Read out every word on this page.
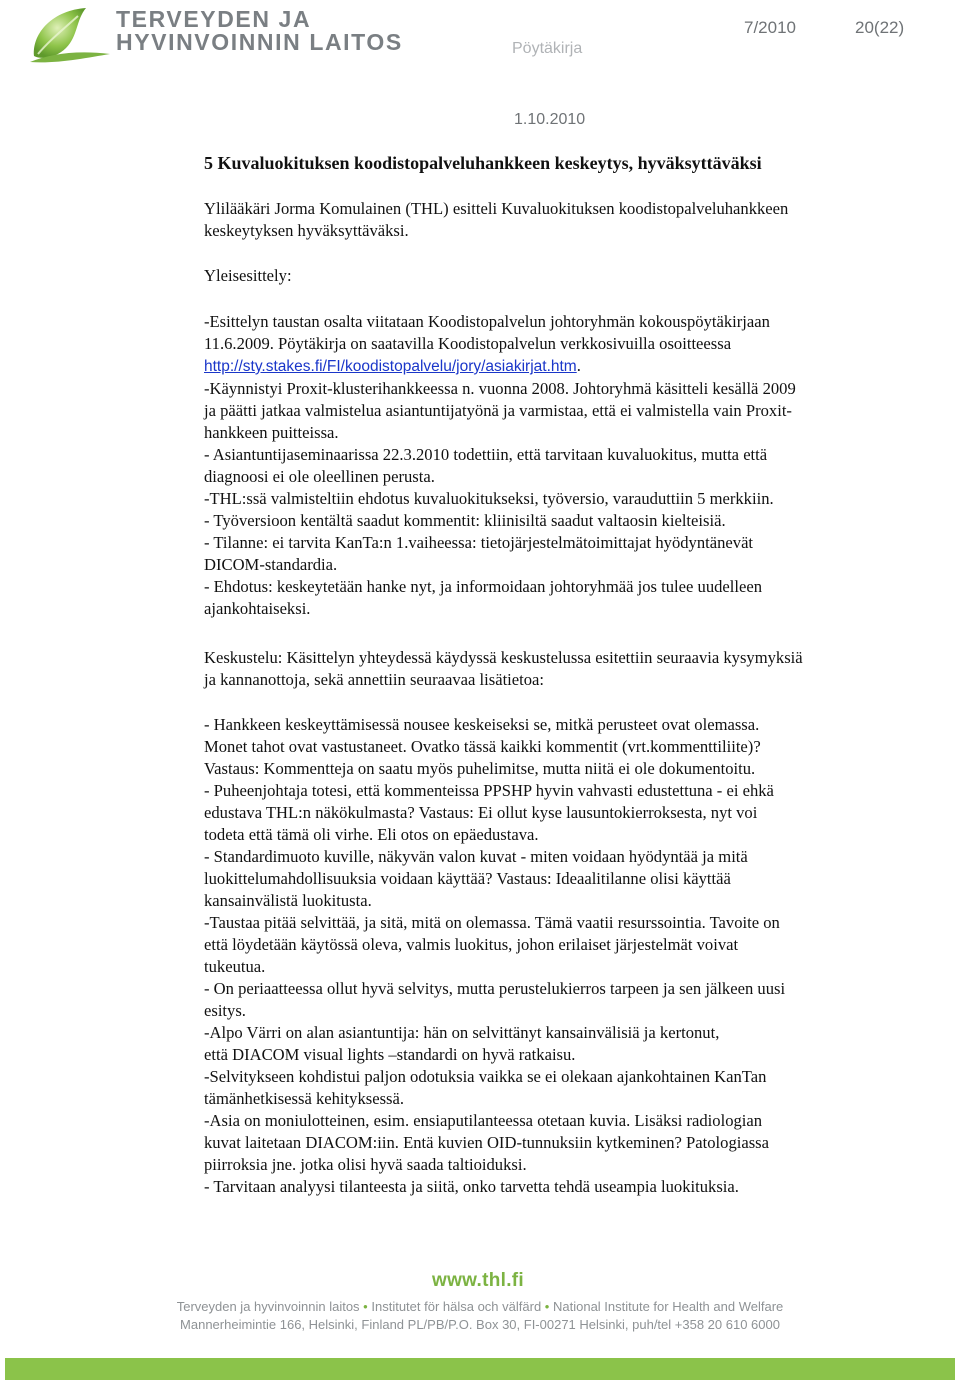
TERVEYDEN JA
HYVINVOINNIN LAITOS	Pöytäkirja
7/2010	20(22)
1.10.2010
5 Kuvaluokituksen koodistopalveluhankkeen keskeytys, hyväksyttäväksi
Ylilääkäri Jorma Komulainen (THL) esitteli Kuvaluokituksen koodistopalveluhankkeen
keskeytyksen hyväksyttäväksi.
Yleisesittely:
-Esittelyn taustan osalta viitataan Koodistopalvelun johtoryhmän kokouspöytäkirjaan
11.6.2009. Pöytäkirja on saatavilla Koodistopalvelun verkkosivuilla osoitteessa
http://sty.stakes.fi/FI/koodistopalvelu/jory/asiakirjat.htm.
-Käynnistyi Proxit-klusterihankkeessa n. vuonna 2008. Johtoryhmä käsitteli kesällä 2009
ja päätti jatkaa valmistelua asiantuntijatyönä ja varmistaa, että ei valmistella vain Proxit-
hankkeen puitteissa.
- Asiantuntijaseminaarissa 22.3.2010 todettiin, että tarvitaan kuvaluokitus, mutta että
diagnoosi ei ole oleellinen perusta.
-THL:ssä valmisteltiin ehdotus kuvaluokitukseksi, työversio, varauduttiin 5 merkkiin.
- Työversioon kentältä saadut kommentit: kliinisiltä saadut valtaosin kielteisiä.
- Tilanne: ei tarvita KanTa:n 1.vaiheessa: tietojärjestelmätoimittajat hyödyntänevät
DICOM-standardia.
- Ehdotus: keskeytetään hanke nyt, ja informoidaan johtoryhmää jos tulee uudelleen
ajankohtaiseksi.
Keskustelu: Käsittelyn yhteydessä käydyssä keskustelussa esitettiin seuraavia kysymyksiä
ja kannanottoja, sekä annettiin seuraavaa lisätietoa:
- Hankkeen keskeyttämisessä nousee keskeiseksi se, mitkä perusteet ovat olemassa.
Monet tahot ovat vastustaneet. Ovatko tässä kaikki kommentit (vrt.kommenttiliite)?
Vastaus: Kommentteja on saatu myös puhelimitse, mutta niitä ei ole dokumentoitu.
- Puheenjohtaja totesi, että kommenteissa PPSHP hyvin vahvasti edustettuna - ei ehkä
edustava THL:n näkökulmasta? Vastaus: Ei ollut kyse lausuntokierroksesta, nyt voi
todeta että tämä oli virhe. Eli otos on epäedustava.
- Standardimuoto kuville, näkyvän valon kuvat - miten voidaan hyödyntää ja mitä
luokittelumahdollisuuksia voidaan käyttää? Vastaus: Ideaalitilanne olisi käyttää
kansainvälistä luokitusta.
-Taustaa pitää selvittää, ja sitä, mitä on olemassa. Tämä vaatii resurssointia. Tavoite on
että löydetään käytössä oleva, valmis luokitus, johon erilaiset järjestelmät voivat
tukeutua.
- On periaatteessa ollut hyvä selvitys, mutta perustelukierros tarpeen ja sen jälkeen uusi
esitys.
-Alpo Värri on alan asiantuntija: hän on selvittänyt kansainvälisiä ja kertonut,
että DIACOM visual lights –standardi on hyvä ratkaisu.
-Selvitykseen kohdistui paljon odotuksia vaikka se ei olekaan ajankohtainen KanTan
tämänhetkisessä kehityksessä.
-Asia on moniulotteinen, esim. ensiaputilanteessa otetaan kuvia. Lisäksi radiologian
kuvat laitetaan DIACOM:iin. Entä kuvien OID-tunnuksiin kytkeminen? Patologiassa
piirroksia jne. jotka olisi hyvä saada taltioiduksi.
- Tarvitaan analyysi tilanteesta ja siitä, onko tarvetta tehdä useampia luokituksia.
www.thl.fi
Terveyden ja hyvinvoinnin laitos • Institutet för hälsa och välfärd • National Institute for Health and Welfare
Mannerheimintie 166, Helsinki, Finland PL/PB/P.O. Box 30, FI-00271 Helsinki, puh/tel +358 20 610 6000
